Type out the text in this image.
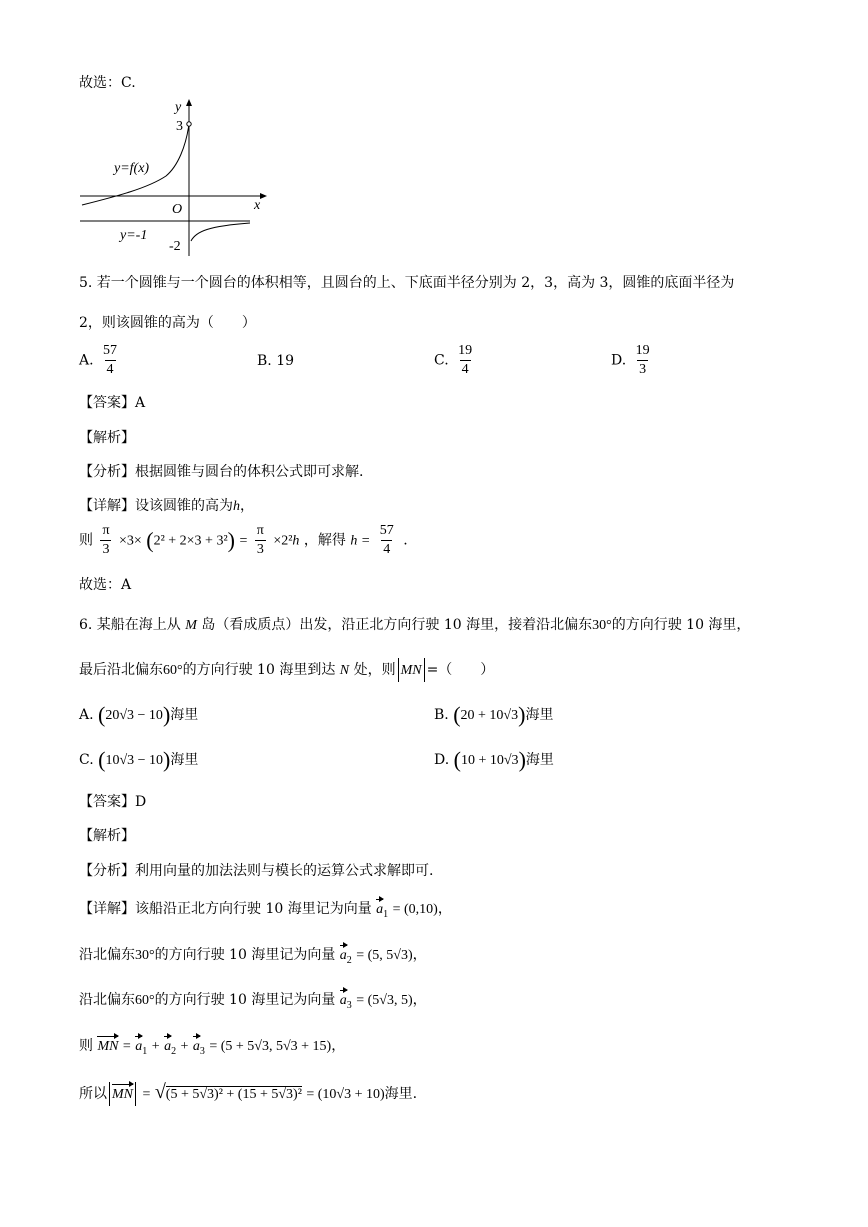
故选：C.
y
3
y=f(x)
O	x
y=-1
-2
5. 若一个圆锥与一个圆台的体积相等，且圆台的上、下底面半径分别为 2，3，高为 3，圆锥的底面半径为
2，则该圆锥的高为（　　）
A. $\frac{57}{4}$	B. 19	C. $\frac{19}{4}$	D. $\frac{19}{3}$
【答案】A
【解析】
【分析】根据圆锥与圆台的体积公式即可求解.
【详解】设该圆锥的高为h，
则 $\frac{\pi}{3} \times 3\times (2^2 + 2\times 3 + 3^2) = \frac{\pi}{3} \times 2^2h$ ，解得 $h = \frac{57}{4}$ .
故选：A
6. 某船在海上从 M 岛（看成质点）出发，沿正北方向行驶 10 海里，接着沿北偏东30°的方向行驶 10 海里，
最后沿北偏东60°的方向行驶 10 海里到达 N 处，则 MN =（　　）
A. (20√3 − 10)海里	B. (20 + 10√3)海里
C. (10√3 − 10)海里	D. (10 + 10√3)海里
【答案】D
【解析】
【分析】利用向量的加法法则与模长的运算公式求解即可.
【详解】该船沿正北方向行驶 10 海里记为向量 $a_1 = (0,10)$，
沿北偏东30°的方向行驶 10 海里记为向量 $a_2 = (5$, 5√3)，
沿北偏东60°的方向行驶 10 海里记为向量 $a_3 = (5√3$, 5)，
则 MN = $a_1 + a_2 + a_3 = (5 + 5√3$, 5√3 + 15)，
所以 MN = √(5 + 5√3)² + (15 + 5√3)² = (10√3 + 10)海里.
